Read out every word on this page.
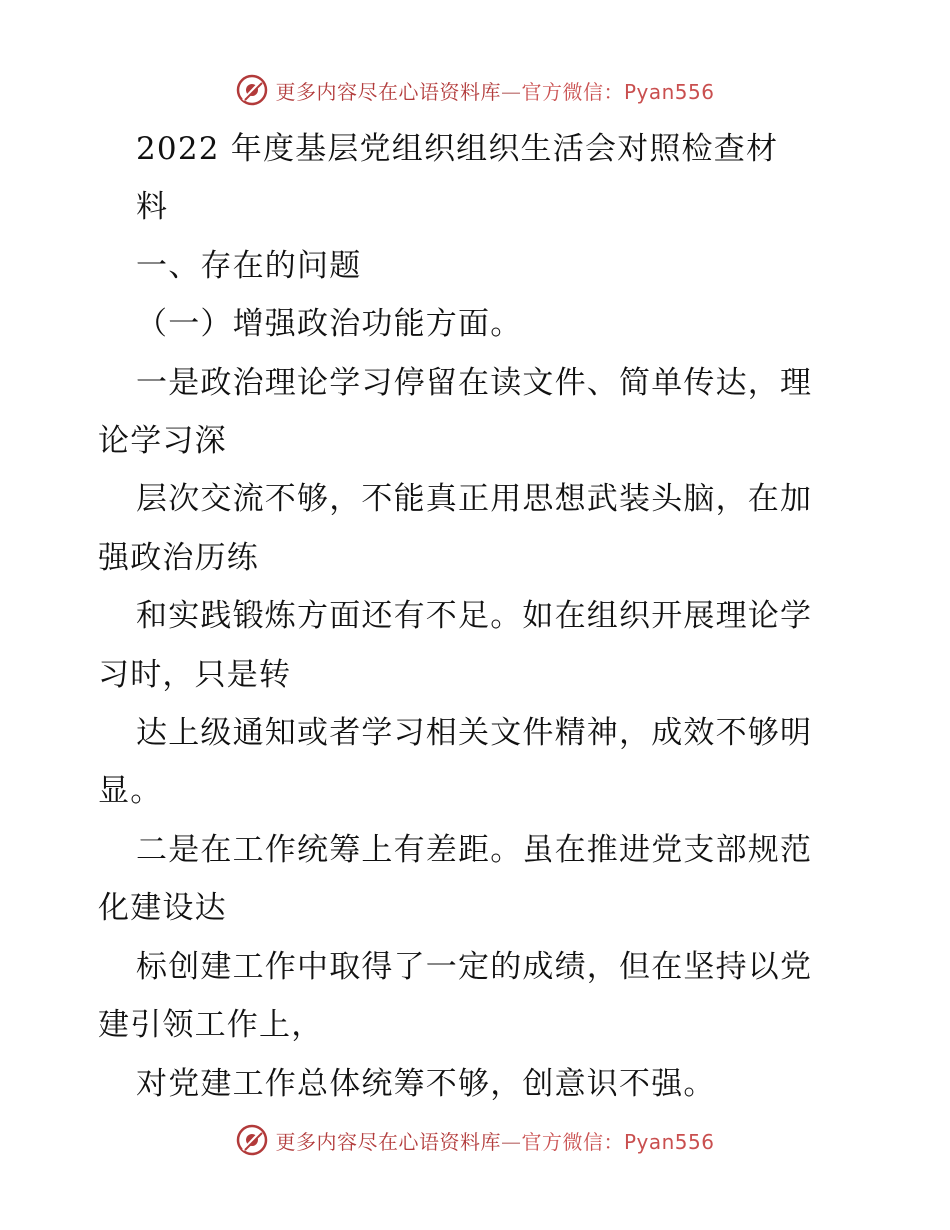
更多内容尽在心语资料库—官方微信：Pyan556

2022 年度基层党组织组织生活会对照检查材

料

一、存在的问题

（一）增强政治功能方面。

一是政治理论学习停留在读文件、简单传达，理

论学习深

层次交流不够，不能真正用思想武装头脑，在加

强政治历练

和实践锻炼方面还有不足。如在组织开展理论学

习时，只是转

达上级通知或者学习相关文件精神，成效不够明

显。

二是在工作统筹上有差距。虽在推进党支部规范

化建设达

标创建工作中取得了一定的成绩，但在坚持以党

建引领工作上，

对党建工作总体统筹不够，创意识不强。

更多内容尽在心语资料库—官方微信：Pyan556
